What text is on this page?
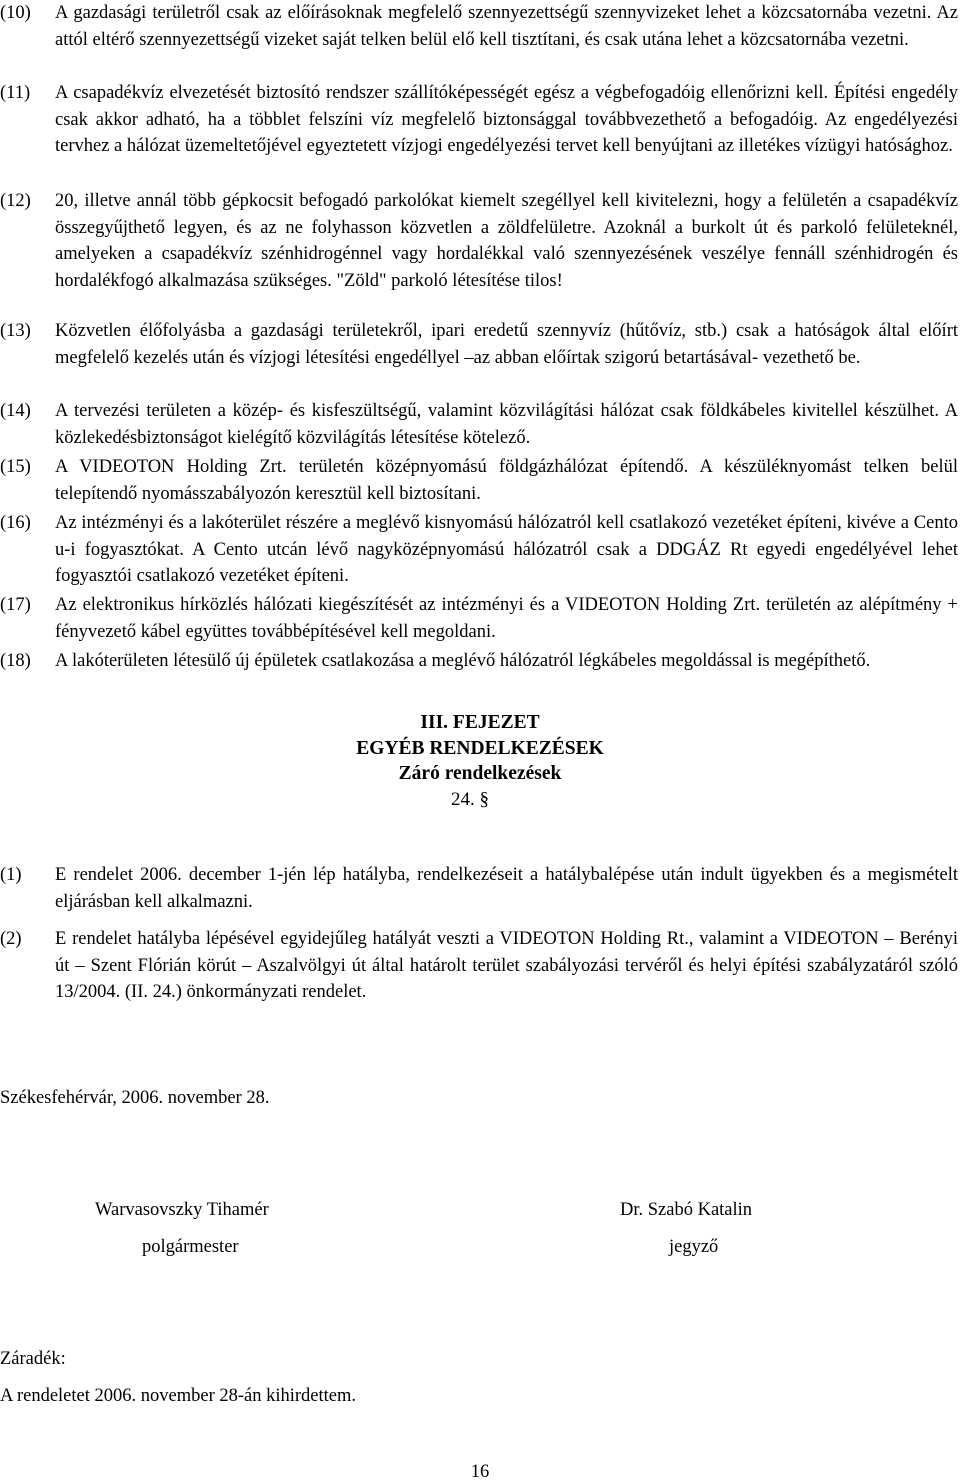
(10)	A gazdasági területről csak az előírásoknak megfelelő szennyezettségű szennyvizeket lehet a közcsatornába vezetni. Az attól eltérő szennyezettségű vizeket saját telken belül elő kell tisztítani, és csak utána lehet a közcsatornába vezetni.
(11)	A csapadékvíz elvezetését biztosító rendszer szállítóképességét egész a végbefogadóig ellenőrizni kell. Építési engedély csak akkor adható, ha a többlet felszíni víz megfelelő biztonsággal továbbvezethető a befogadóig. Az engedélyezési tervhez a hálózat üzemeltetőjével egyeztetett vízjogi engedélyezési tervet kell benyújtani az illetékes vízügyi hatósághoz.
(12)	20, illetve annál több gépkocsit befogadó parkolókat kiemelt szegéllyel kell kivitelezni, hogy a felületén a csapadékvíz összegyűjthető legyen, és az ne folyhasson közvetlen a zöldfelületre. Azoknál a burkolt út és parkoló felületeknél, amelyeken a csapadékvíz szénhidrogénnel vagy hordalékkal való szennyezésének veszélye fennáll szénhidrogén és hordalékfogó alkalmazása szükséges. "Zöld" parkoló létesítése tilos!
(13)	Közvetlen élőfolyásba a gazdasági területekről, ipari eredetű szennyvíz (hűtővíz, stb.) csak a hatóságok által előírt megfelelő kezelés után és vízjogi létesítési engedéllyel –az abban előírtak szigorú betartásával- vezethető be.
(14)	A tervezési területen a közép- és kisfeszültségű, valamint közvilágítási hálózat csak földkábeles kivitellel készülhet. A közlekedésbiztonságot kielégítő közvilágítás létesítése kötelező.
(15)	A VIDEOTON Holding Zrt. területén középnyomású földgázhálózat építendő. A készüléknyomást telken belül telepítendő nyomásszabályozón keresztül kell biztosítani.
(16)	Az intézményi és a lakóterület részére a meglévő kisnyomású hálózatról kell csatlakozó vezetéket építeni, kivéve a Cento u-i fogyasztókat. A Cento utcán lévő nagyközépnyomású hálózatról csak a DDGÁZ Rt egyedi engedélyével lehet fogyasztói csatlakozó vezetéket építeni.
(17)	Az elektronikus hírközlés hálózati kiegészítését az intézményi és a VIDEOTON Holding Zrt. területén az alépítmény + fényvezető kábel együttes továbbépítésével kell megoldani.
(18)	A lakóterületen létesülő új épületek csatlakozása a meglévő hálózatról légkábeles megoldással is megépíthető.
III. FEJEZET
EGYÉB RENDELKEZÉSEK
Záró rendelkezések
24. §
(1)	E rendelet 2006. december 1-jén lép hatályba, rendelkezéseit a hatálybalépése után indult ügyekben és a megismételt eljárásban kell alkalmazni.
(2)	E rendelet hatályba lépésével egyidejűleg hatályát veszti a VIDEOTON Holding Rt., valamint a VIDEOTON – Berényi út – Szent Flórián körút – Aszalvölgyi út által határolt terület szabályozási tervéről és helyi építési szabályzatáról szóló 13/2004. (II. 24.) önkormányzati rendelet.
Székesfehérvár, 2006. november 28.
Warvasovszky Tihamér
polgármester
Dr. Szabó Katalin
jegyző
Záradék:
A rendeletet 2006. november 28-án kihirdettem.
16
